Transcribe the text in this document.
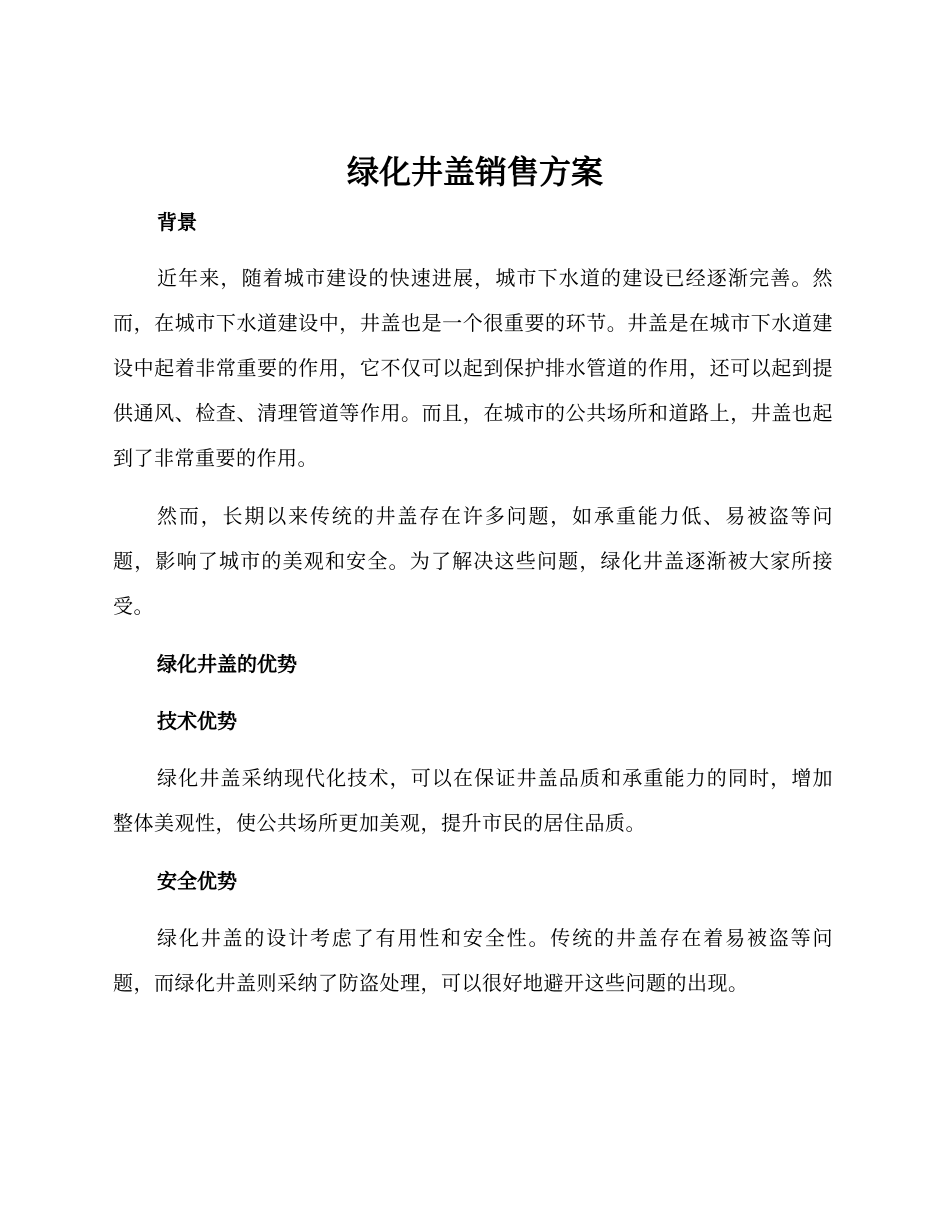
绿化井盖销售方案
背景

近年来，随着城市建设的快速进展，城市下水道的建设已经逐渐完善。然而，在城市下水道建设中，井盖也是一个很重要的环节。井盖是在城市下水道建设中起着非常重要的作用，它不仅可以起到保护排水管道的作用，还可以起到提供通风、检查、清理管道等作用。而且，在城市的公共场所和道路上，井盖也起到了非常重要的作用。

然而，长期以来传统的井盖存在许多问题，如承重能力低、易被盗等问题，影响了城市的美观和安全。为了解决这些问题，绿化井盖逐渐被大家所接受。

绿化井盖的优势
技术优势

绿化井盖采纳现代化技术，可以在保证井盖品质和承重能力的同时，增加整体美观性，使公共场所更加美观，提升市民的居住品质。

安全优势

绿化井盖的设计考虑了有用性和安全性。传统的井盖存在着易被盗等问题，而绿化井盖则采纳了防盗处理，可以很好地避开这些问题的出现。
